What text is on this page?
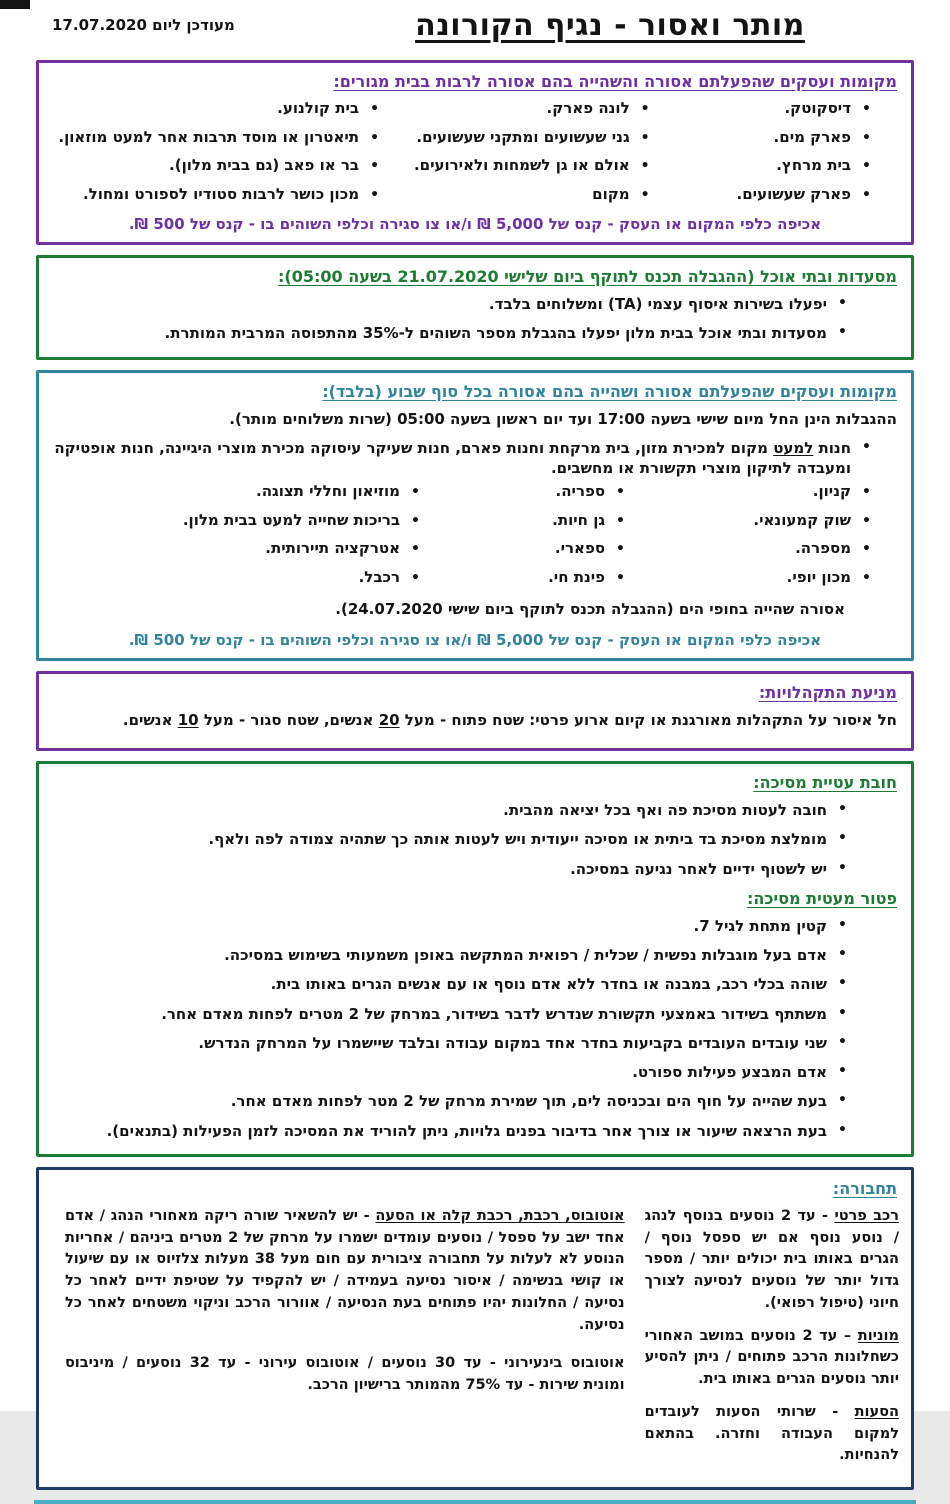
מותר ואסור - נגיף הקורונה
מעודכן ליום 17.07.2020
מקומות ועסקים שהפעלתם אסורה והשהייה בהם אסורה לרבות בבית מגורים:
• דיסקוטק.
• לונה פארק.
• בית קולנוע.
• פארק מים.
• גני שעשועים ומתקני שעשועים.
• תיאטרון או מוסד תרבות אחר למעט מוזאון.
• בית מרחץ.
• אולם או גן לשמחות ולאירועים.
• בר או פאב (גם בבית מלון).
• פארק שעשועים.
• מקום
• מכון כושר לרבות סטודיו לספורט ומחול.
אכיפה כלפי המקום או העסק - קנס של 5,000 ₪ ו/או צו סגירה וכלפי השוהים בו - קנס של 500 ₪.
מסעדות ובתי אוכל (ההגבלה תכנס לתוקף ביום שלישי 21.07.2020 בשעה 05:00):
• יפעלו בשירות איסוף עצמי (TA) ומשלוחים בלבד.
• מסעדות ובתי אוכל בבית מלון יפעלו בהגבלת מספר השוהים ל-35% מהתפוסה המרבית המותרת.
מקומות ועסקים שהפעלתם אסורה ושהייה בהם אסורה בכל סוף שבוע (בלבד):
ההגבלות הינן החל מיום שישי בשעה 17:00 ועד יום ראשון בשעה 05:00 (שרות משלוחים מותר).
• חנות למעט מקום למכירת מזון, בית מרקחת וחנות פארם, חנות שעיקר עיסוקה מכירת מוצרי היגיינה, חנות אופטיקה ומעבדה לתיקון מוצרי תקשורת או מחשבים.
• קניון.
• ספריה.
• מוזיאון וחללי תצוגה.
• שוק קמעונאי.
• גן חיות.
• בריכות שחייה למעט בבית מלון.
• מספרה.
• ספארי.
• אטרקציה תיירותית.
• מכון יופי.
• פינת חי.
• רכבל.
אסורה שהייה בחופי הים (ההגבלה תכנס לתוקף ביום שישי 24.07.2020).
אכיפה כלפי המקום או העסק - קנס של 5,000 ₪ ו/או צו סגירה וכלפי השוהים בו - קנס של 500 ₪.
מניעת התקהלויות:
חל איסור על התקהלות מאורגנת או קיום ארוע פרטי: שטח פתוח - מעל 20 אנשים, שטח סגור - מעל 10 אנשים.
חובת עטיית מסיכה:
• חובה לעטות מסיכת פה ואף בכל יציאה מהבית.
• מומלצת מסיכת בד ביתית או מסיכה ייעודית ויש לעטות אותה כך שתהיה צמודה לפה ולאף.
• יש לשטוף ידיים לאחר נגיעה במסיכה.
פטור מעטית מסיכה:
• קטין מתחת לגיל 7.
• אדם בעל מוגבלות נפשית / שכלית / רפואית המתקשה באופן משמעותי בשימוש במסיכה.
• שוהה בכלי רכב, במבנה או בחדר ללא אדם נוסף או עם אנשים הגרים באותו בית.
• משתתף בשידור באמצעי תקשורת שנדרש לדבר בשידור, במרחק של 2 מטרים לפחות מאדם אחר.
• שני עובדים העובדים בקביעות בחדר אחד במקום עבודה ובלבד שיישמרו על המרחק הנדרש.
• אדם המבצע פעילות ספורט.
• בעת שהייה על חוף הים ובכניסה לים, תוך שמירת מרחק של 2 מטר לפחות מאדם אחר.
• בעת הרצאה שיעור או צורך אחר בדיבור בפנים גלויות, ניתן להוריד את המסיכה לזמן הפעילות (בתנאים).
תחבורה:

רכב פרטי - עד 2 נוסעים בנוסף לנהג / נוסע נוסף אם יש ספסל נוסף / הגרים באותו בית יכולים יותר / מספר גדול יותר של נוסעים לנסיעה לצורך חיוני (טיפול רפואי).

מוניות – עד 2 נוסעים במושב האחורי כשחלונות הרכב פתוחים / ניתן להסיע יותר נוסעים הגרים באותו בית.

הסעות - שרותי הסעות לעובדים למקום העבודה וחזרה. בהתאם להנחיות.

אוטובוס, רכבת, רכבת קלה או הסעה - יש להשאיר שורה ריקה מאחורי הנהג / אדם אחד ישב על ספסל / נוסעים עומדים ישמרו על מרחק של 2 מטרים ביניהם / אחריות הנוסע לא לעלות על תחבורה ציבורית עם חום מעל 38 מעלות צלזיוס או עם שיעול או קושי בנשימה / איסור נסיעה בעמידה / יש להקפיד על שטיפת ידיים לאחר כל נסיעה / החלונות יהיו פתוחים בעת הנסיעה / אוורור הרכב וניקוי משטחים לאחר כל נסיעה.

אוטובוס בינעירוני - עד 30 נוסעים / אוטובוס עירוני - עד 32 נוסעים / מיניבוס ומונית שירות - עד 75% מהמותר ברישיון הרכב.
